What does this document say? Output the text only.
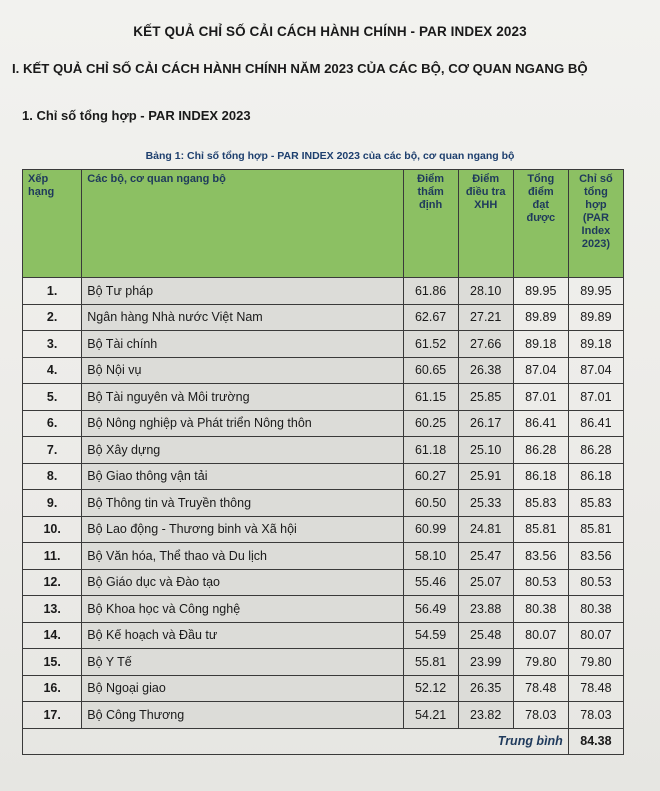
KẾT QUẢ CHỈ SỐ CẢI CÁCH HÀNH CHÍNH - PAR INDEX 2023
I. KẾT QUẢ CHỈ SỐ CẢI CÁCH HÀNH CHÍNH NĂM 2023 CỦA CÁC BỘ, CƠ QUAN NGANG BỘ
1. Chỉ số tổng hợp - PAR INDEX 2023
Bảng 1: Chỉ số tổng hợp - PAR INDEX 2023 của các bộ, cơ quan ngang bộ
Xếp hạng	Các bộ, cơ quan ngang bộ	Điểm thẩm định	Điểm điều tra XHH	Tổng điểm đạt được	Chỉ số tổng hợp (PAR Index 2023)
1.	Bộ Tư pháp	61.86	28.10	89.95	89.95
2.	Ngân hàng Nhà nước Việt Nam	62.67	27.21	89.89	89.89
3.	Bộ Tài chính	61.52	27.66	89.18	89.18
4.	Bộ Nội vụ	60.65	26.38	87.04	87.04
5.	Bộ Tài nguyên và Môi trường	61.15	25.85	87.01	87.01
6.	Bộ Nông nghiệp và Phát triển Nông thôn	60.25	26.17	86.41	86.41
7.	Bộ Xây dựng	61.18	25.10	86.28	86.28
8.	Bộ Giao thông vận tải	60.27	25.91	86.18	86.18
9.	Bộ Thông tin và Truyền thông	60.50	25.33	85.83	85.83
10.	Bộ Lao động - Thương binh và Xã hội	60.99	24.81	85.81	85.81
11.	Bộ Văn hóa, Thể thao và Du lịch	58.10	25.47	83.56	83.56
12.	Bộ Giáo dục và Đào tạo	55.46	25.07	80.53	80.53
13.	Bộ Khoa học và Công nghệ	56.49	23.88	80.38	80.38
14.	Bộ Kế hoạch và Đầu tư	54.59	25.48	80.07	80.07
15.	Bộ Y Tế	55.81	23.99	79.80	79.80
16.	Bộ Ngoại giao	52.12	26.35	78.48	78.48
17.	Bộ Công Thương	54.21	23.82	78.03	78.03
Trung bình					84.38
